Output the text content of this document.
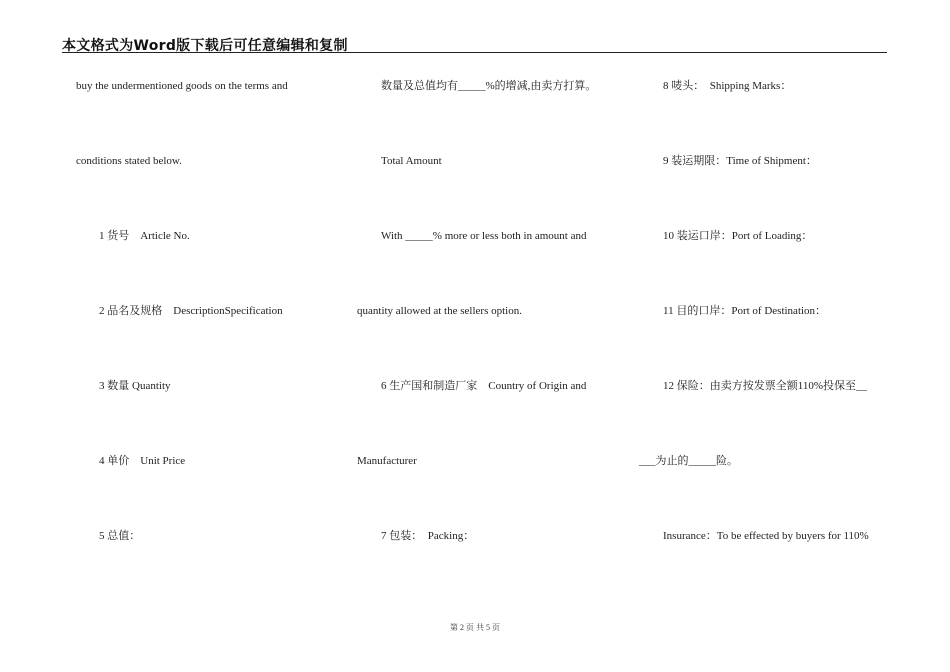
本文格式为Word版下载后可任意编辑和复制
buy the undermentioned goods on the terms and
conditions stated below.
1 货号　Article No.
2 品名及规格　DescriptionSpecification
3 数量 Quantity
4 单价　Unit Price
5 总值：
数量及总值均有_____%的增减,由卖方打算。
Total Amount
With _____% more or less both in amount and
quantity allowed at the sellers option.
6 生产国和制造厂家　Country of Origin and
Manufacturer
7 包装：　Packing：
8 唛头：　Shipping Marks：
9 装运期限：Time of Shipment：
10 装运口岸：Port of Loading：
11 目的口岸：Port of Destination：
12 保险：由卖方按发票全额110%投保至__
___为止的_____险。
Insurance：To be effected by buyers for 110%
第 2 页 共 5 页
